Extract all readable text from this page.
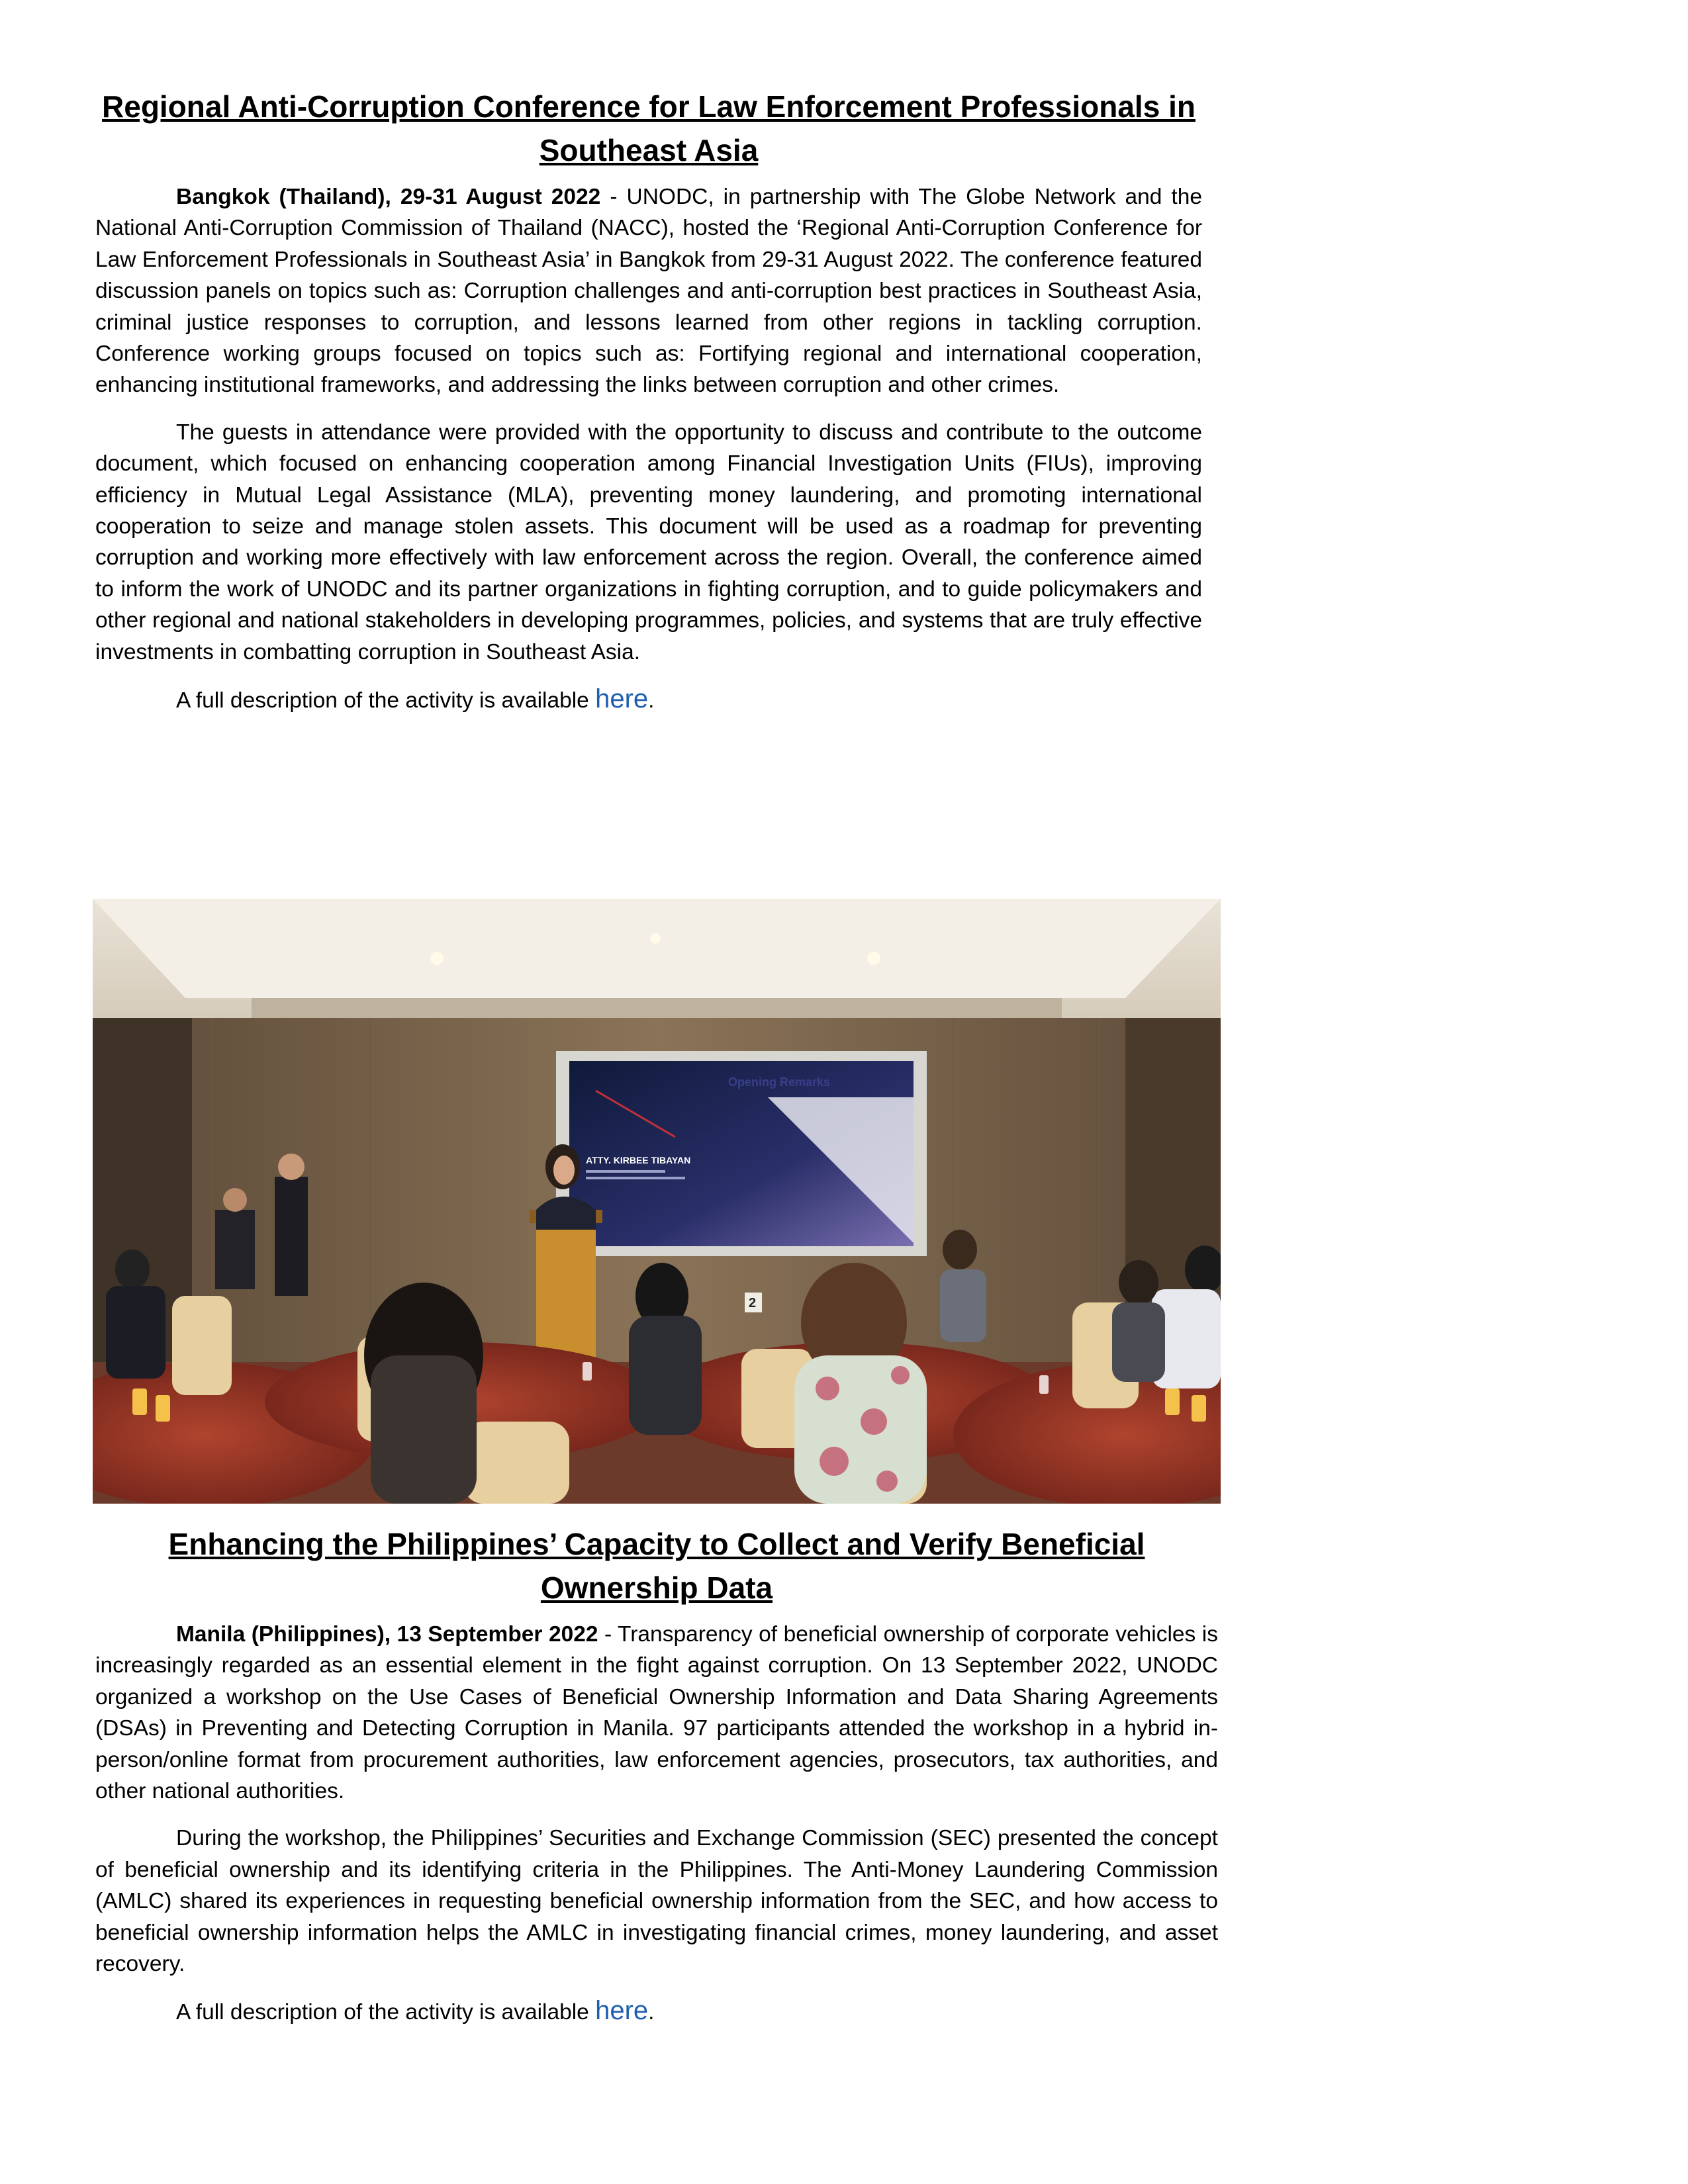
Regional Anti-Corruption Conference for Law Enforcement Professionals in
Southeast Asia

Bangkok (Thailand), 29-31 August 2022 - UNODC, in partnership with The Globe Network and the National Anti-Corruption Commission of Thailand (NACC), hosted the ‘Regional Anti-Corruption Conference for Law Enforcement Professionals in Southeast Asia’ in Bangkok from 29-31 August 2022. The conference featured discussion panels on topics such as: Corruption challenges and anti-corruption best practices in Southeast Asia, criminal justice responses to corruption, and lessons learned from other regions in tackling corruption. Conference working groups focused on topics such as: Fortifying regional and international cooperation, enhancing institutional frameworks, and addressing the links between corruption and other crimes.

The guests in attendance were provided with the opportunity to discuss and contribute to the outcome document, which focused on enhancing cooperation among Financial Investigation Units (FIUs), improving efficiency in Mutual Legal Assistance (MLA), preventing money laundering, and promoting international cooperation to seize and manage stolen assets. This document will be used as a roadmap for preventing corruption and working more effectively with law enforcement across the region. Overall, the conference aimed to inform the work of UNODC and its partner organizations in fighting corruption, and to guide policymakers and other regional and national stakeholders in developing programmes, policies, and systems that are truly effective investments in combatting corruption in Southeast Asia.

A full description of the activity is available here.

Opening Remarks
ATTY. KIRBEE TIBAYAN
2
Enhancing the Philippines’ Capacity to Collect and Verify Beneficial
Ownership Data

Manila (Philippines), 13 September 2022 - Transparency of beneficial ownership of corporate vehicles is increasingly regarded as an essential element in the fight against corruption. On 13 September 2022, UNODC organized a workshop on the Use Cases of Beneficial Ownership Information and Data Sharing Agreements (DSAs) in Preventing and Detecting Corruption in Manila. 97 participants attended the workshop in a hybrid in-person/online format from procurement authorities, law enforcement agencies, prosecutors, tax authorities, and other national authorities.

During the workshop, the Philippines’ Securities and Exchange Commission (SEC) presented the concept of beneficial ownership and its identifying criteria in the Philippines. The Anti-Money Laundering Commission (AMLC) shared its experiences in requesting beneficial ownership information from the SEC, and how access to beneficial ownership information helps the AMLC in investigating financial crimes, money laundering, and asset recovery.

A full description of the activity is available here.
